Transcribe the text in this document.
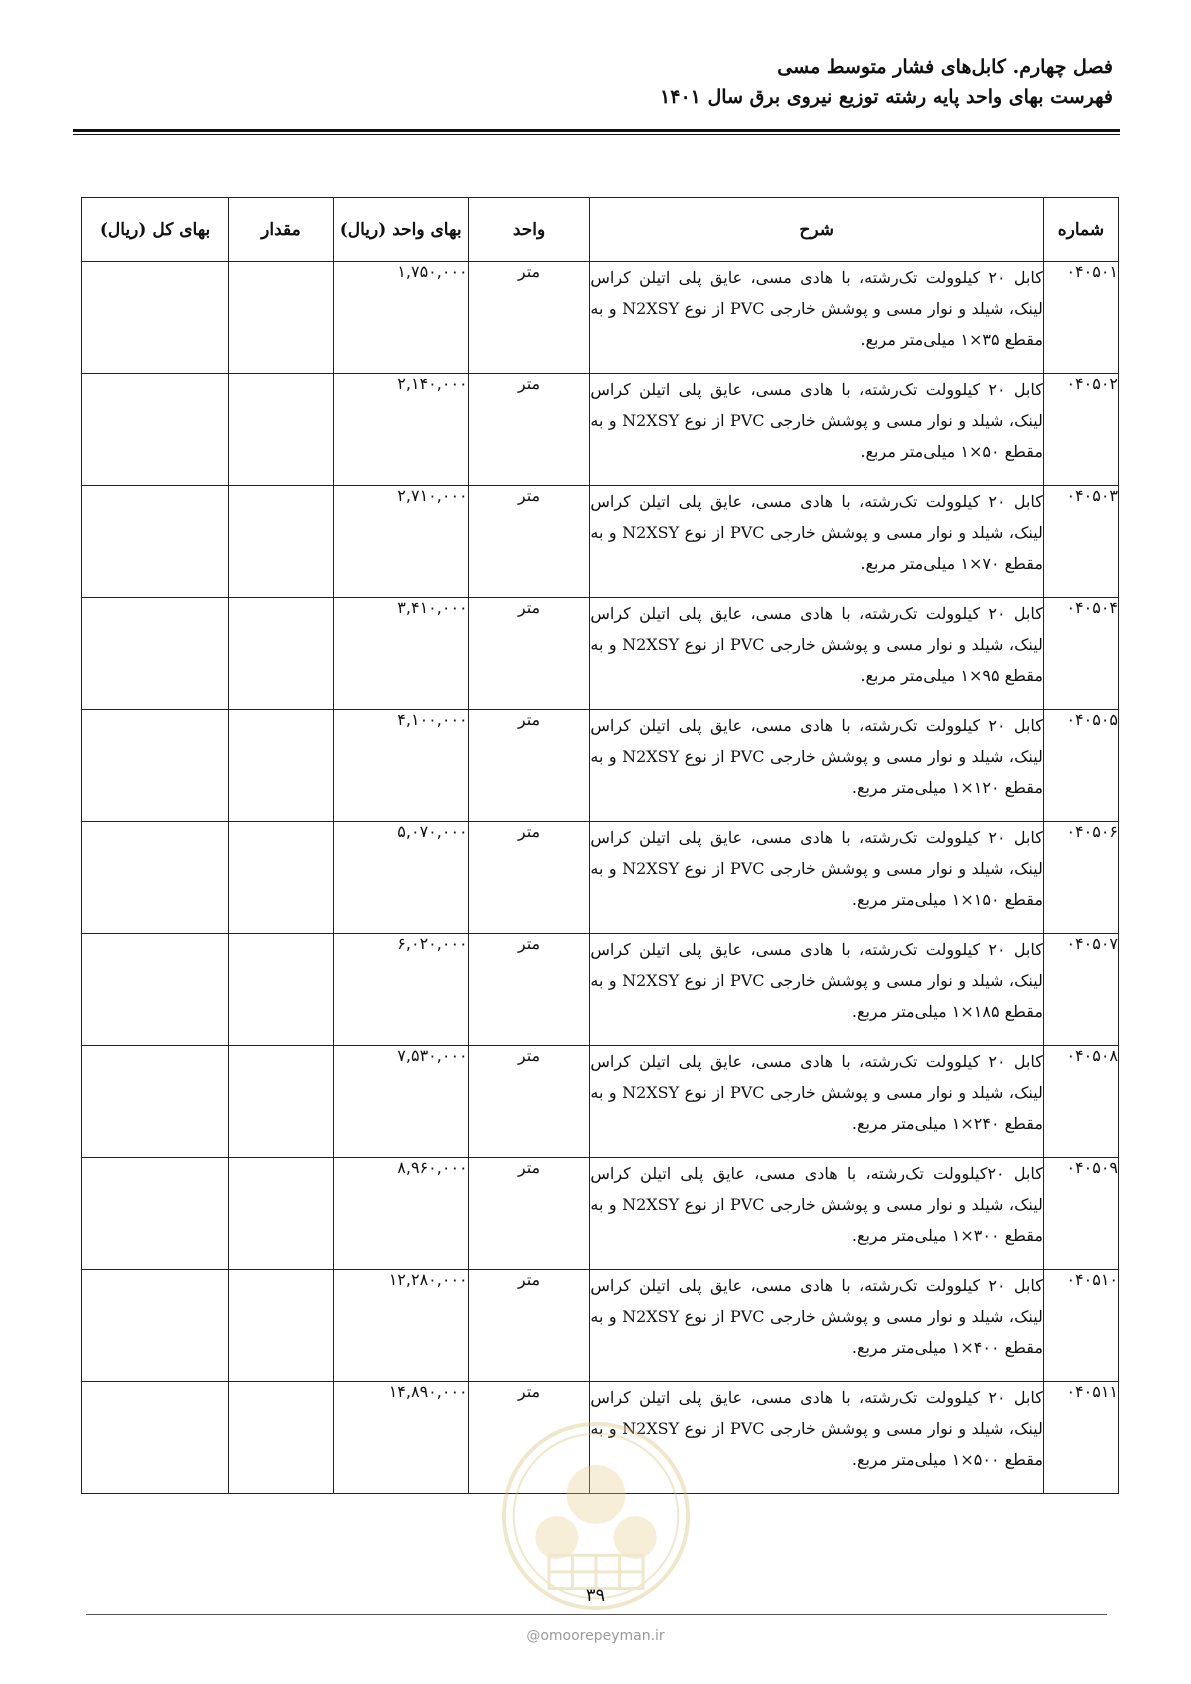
فصل چهارم. کابل‌های فشار متوسط مسی
فهرست بهای واحد پایه رشته توزیع نیروی برق سال ۱۴۰۱
شماره	شرح	واحد	بهای واحد (ریال)	مقدار	بهای کل (ریال)
۰۴۰۵۰۱	کابل ۲۰ کیلوولت تک‌رشته، با هادی مسی، عایق پلی اتیلن کراس لینک، شیلد و نوار مسی و پوشش خارجی PVC از نوع N2XSY و به مقطع ۳۵×۱ میلی‌متر مربع.	متر	۱,۷۵۰,۰۰۰		
۰۴۰۵۰۲	کابل ۲۰ کیلوولت تک‌رشته، با هادی مسی، عایق پلی اتیلن کراس لینک، شیلد و نوار مسی و پوشش خارجی PVC از نوع N2XSY و به مقطع ۵۰×۱ میلی‌متر مربع.	متر	۲,۱۴۰,۰۰۰		
۰۴۰۵۰۳	کابل ۲۰ کیلوولت تک‌رشته، با هادی مسی، عایق پلی اتیلن کراس لینک، شیلد و نوار مسی و پوشش خارجی PVC از نوع N2XSY و به مقطع ۷۰×۱ میلی‌متر مربع.	متر	۲,۷۱۰,۰۰۰		
۰۴۰۵۰۴	کابل ۲۰ کیلوولت تک‌رشته، با هادی مسی، عایق پلی اتیلن کراس لینک، شیلد و نوار مسی و پوشش خارجی PVC از نوع N2XSY و به مقطع ۹۵×۱ میلی‌متر مربع.	متر	۳,۴۱۰,۰۰۰		
۰۴۰۵۰۵	کابل ۲۰ کیلوولت تک‌رشته، با هادی مسی، عایق پلی اتیلن کراس لینک، شیلد و نوار مسی و پوشش خارجی PVC از نوع N2XSY و به مقطع ۱۲۰×۱ میلی‌متر مربع.	متر	۴,۱۰۰,۰۰۰		
۰۴۰۵۰۶	کابل ۲۰ کیلوولت تک‌رشته، با هادی مسی، عایق پلی اتیلن کراس لینک، شیلد و نوار مسی و پوشش خارجی PVC از نوع N2XSY و به مقطع ۱۵۰×۱ میلی‌متر مربع.	متر	۵,۰۷۰,۰۰۰		
۰۴۰۵۰۷	کابل ۲۰ کیلوولت تک‌رشته، با هادی مسی، عایق پلی اتیلن کراس لینک، شیلد و نوار مسی و پوشش خارجی PVC از نوع N2XSY و به مقطع ۱۸۵×۱ میلی‌متر مربع.	متر	۶,۰۲۰,۰۰۰		
۰۴۰۵۰۸	کابل ۲۰ کیلوولت تک‌رشته، با هادی مسی، عایق پلی اتیلن کراس لینک، شیلد و نوار مسی و پوشش خارجی PVC از نوع N2XSY و به مقطع ۲۴۰×۱ میلی‌متر مربع.	متر	۷,۵۳۰,۰۰۰		
۰۴۰۵۰۹	کابل ۲۰کیلوولت تک‌رشته، با هادی مسی، عایق پلی اتیلن کراس لینک، شیلد و نوار مسی و پوشش خارجی PVC از نوع N2XSY و به مقطع ۳۰۰×۱ میلی‌متر مربع.	متر	۸,۹۶۰,۰۰۰		
۰۴۰۵۱۰	کابل ۲۰ کیلوولت تک‌رشته، با هادی مسی، عایق پلی اتیلن کراس لینک، شیلد و نوار مسی و پوشش خارجی PVC از نوع N2XSY و به مقطع ۴۰۰×۱ میلی‌متر مربع.	متر	۱۲,۲۸۰,۰۰۰		
۰۴۰۵۱۱	کابل ۲۰ کیلوولت تک‌رشته، با هادی مسی، عایق پلی اتیلن کراس لینک، شیلد و نوار مسی و پوشش خارجی PVC از نوع N2XSY و به مقطع ۵۰۰×۱ میلی‌متر مربع.	متر	۱۴,۸۹۰,۰۰۰		
۳۹
@omoorepeyman.ir
